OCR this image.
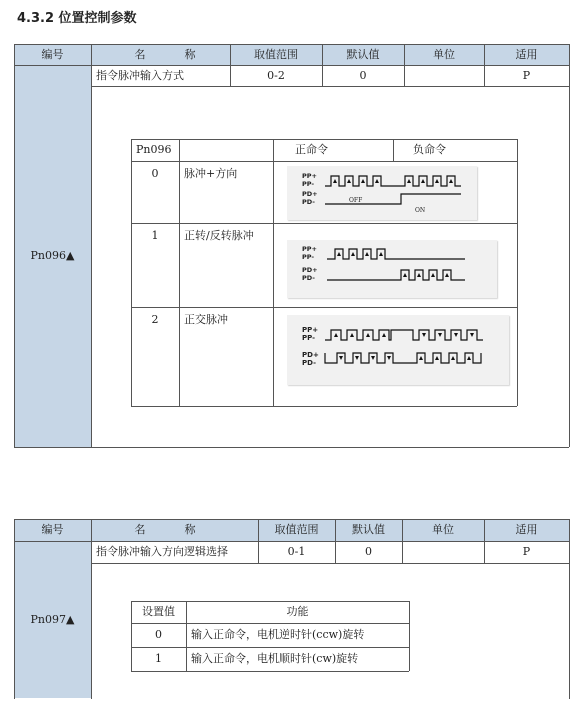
4.3.2 位置控制参数
编号	名	称	取值范围	默认值	单位	适用
Pn096▲
指令脉冲输入方式	0-2	0	P
Pn096	正命令	负命令
0	脉冲+方向
1	正转/反转脉冲
2	正交脉冲
PP+
PP-
PD+
PD-	OFF
ON
PP+
PP-
PD+
PD-
PP+
PP-
PD+
PD-
编号	名	称	取值范围	默认值	单位	适用
Pn097▲
指令脉冲输入方向逻辑选择	0-1	0	P
设置值	功能
0	输入正命令，电机逆时针(ccw)旋转
1	输入正命令，电机顺时针(cw)旋转
